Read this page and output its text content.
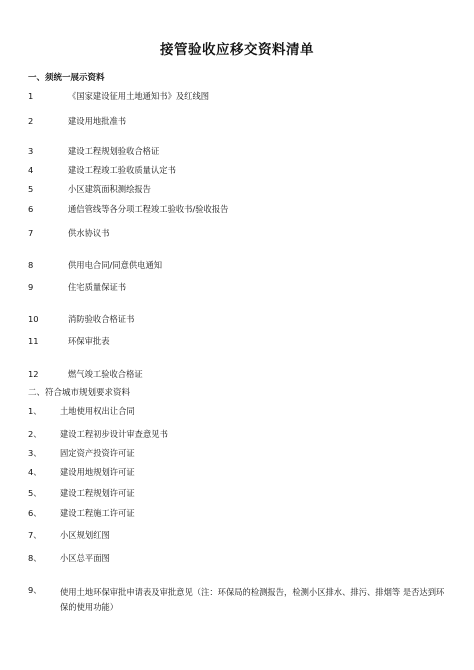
接管验收应移交资料清单
一、须统一展示资料
1	《国家建设征用土地通知书》及红线图
2	建设用地批准书
3	建设工程规划验收合格证
4	建设工程竣工验收质量认定书
5	小区建筑面积测绘报告
6	通信管线等各分项工程竣工验收书/验收报告
7	供水协议书
8	供用电合同/同意供电通知
9	住宅质量保证书
10	消防验收合格证书
11	环保审批表
12	燃气竣工验收合格证
二、符合城市规划要求资料
1、 土地使用权出让合同
2、 建设工程初步设计审查意见书
3、 固定资产投资许可证
4、 建设用地规划许可证
5、 建设工程规划许可证
6、 建设工程施工许可证
7、 小区规划红图
8、 小区总平面图
9、 使用土地环保审批申请表及审批意见（注：环保局的检测报告，检测小区排水、排污、排烟等 是否达到环保的使用功能）
